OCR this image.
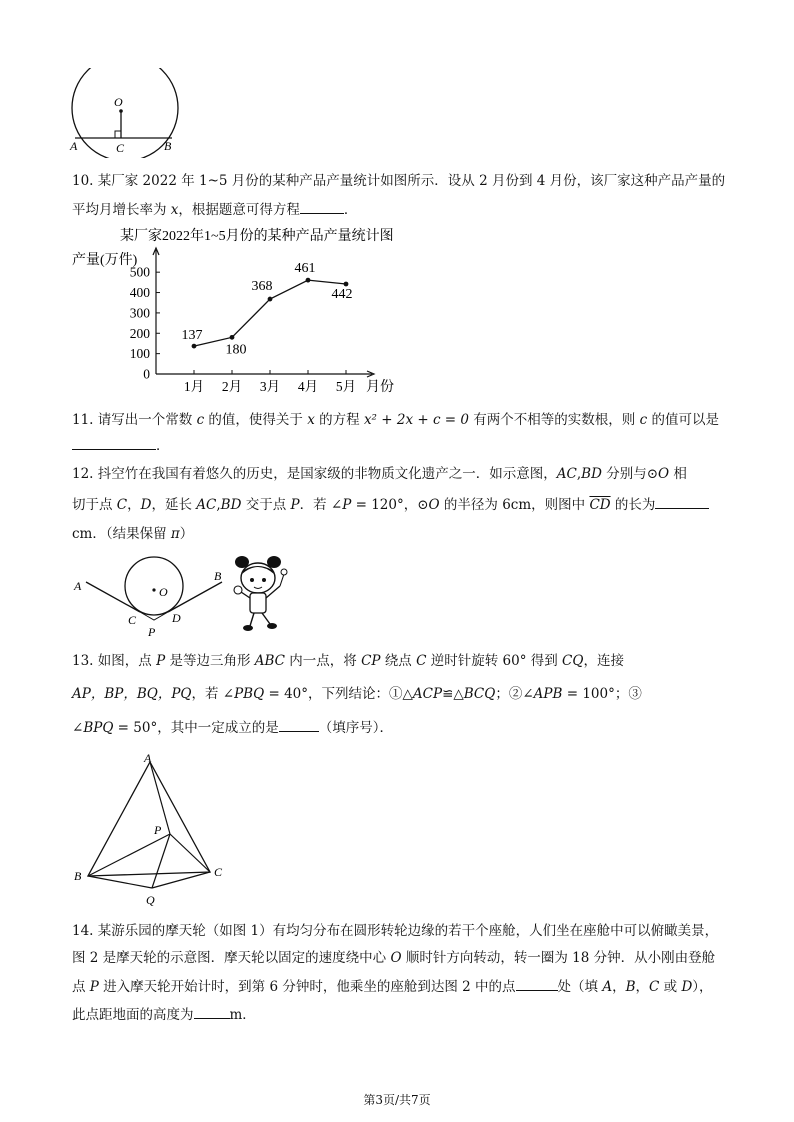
O
A	C	B
10. 某厂家 2022 年 1~5 月份的某种产品产量统计如图所示．设从 2 月份到 4 月份，该厂家这种产品产量的
平均月增长率为 x，根据题意可得方程	．
某厂家2022年1~5月份的某种产品产量统计图
产量(万件)
月份
0
100
200
300
400
500
1月 2月 3月 4月 5月
137
180
368
461
442
11. 请写出一个常数 c 的值，使得关于 x 的方程 x² + 2x + c = 0 有两个不相等的实数根，则 c 的值可以是
．
12. 抖空竹在我国有着悠久的历史，是国家级的非物质文化遗产之一．如示意图，AC,BD 分别与⊙O 相
切于点 C，D，延长 AC,BD 交于点 P．若 ∠P = 120°，⊙O 的半径为 6cm，则图中 $\overline{CD}$ 的长为
cm．（结果保留 π）
A
B
O
C	D
P
13. 如图，点 P 是等边三角形 ABC 内一点，将 CP 绕点 C 逆时针旋转 60° 得到 CQ，连接
AP，BP，BQ，PQ，若 ∠PBQ = 40°，下列结论：①△ACP≌△BCQ；②∠APB = 100°；③
∠BPQ = 50°，其中一定成立的是	（填序号）．
A
P
B	C
Q
14. 某游乐园的摩天轮（如图 1）有均匀分布在圆形转轮边缘的若干个座舱，人们坐在座舱中可以俯瞰美景，
图 2 是摩天轮的示意图．摩天轮以固定的速度绕中心 O 顺时针方向转动，转一圈为 18 分钟．从小刚由登舱
点 P 进入摩天轮开始计时，到第 6 分钟时，他乘坐的座舱到达图 2 中的点	处（填 A，B，C 或 D），
此点距地面的高度为	m．
第3页/共7页
